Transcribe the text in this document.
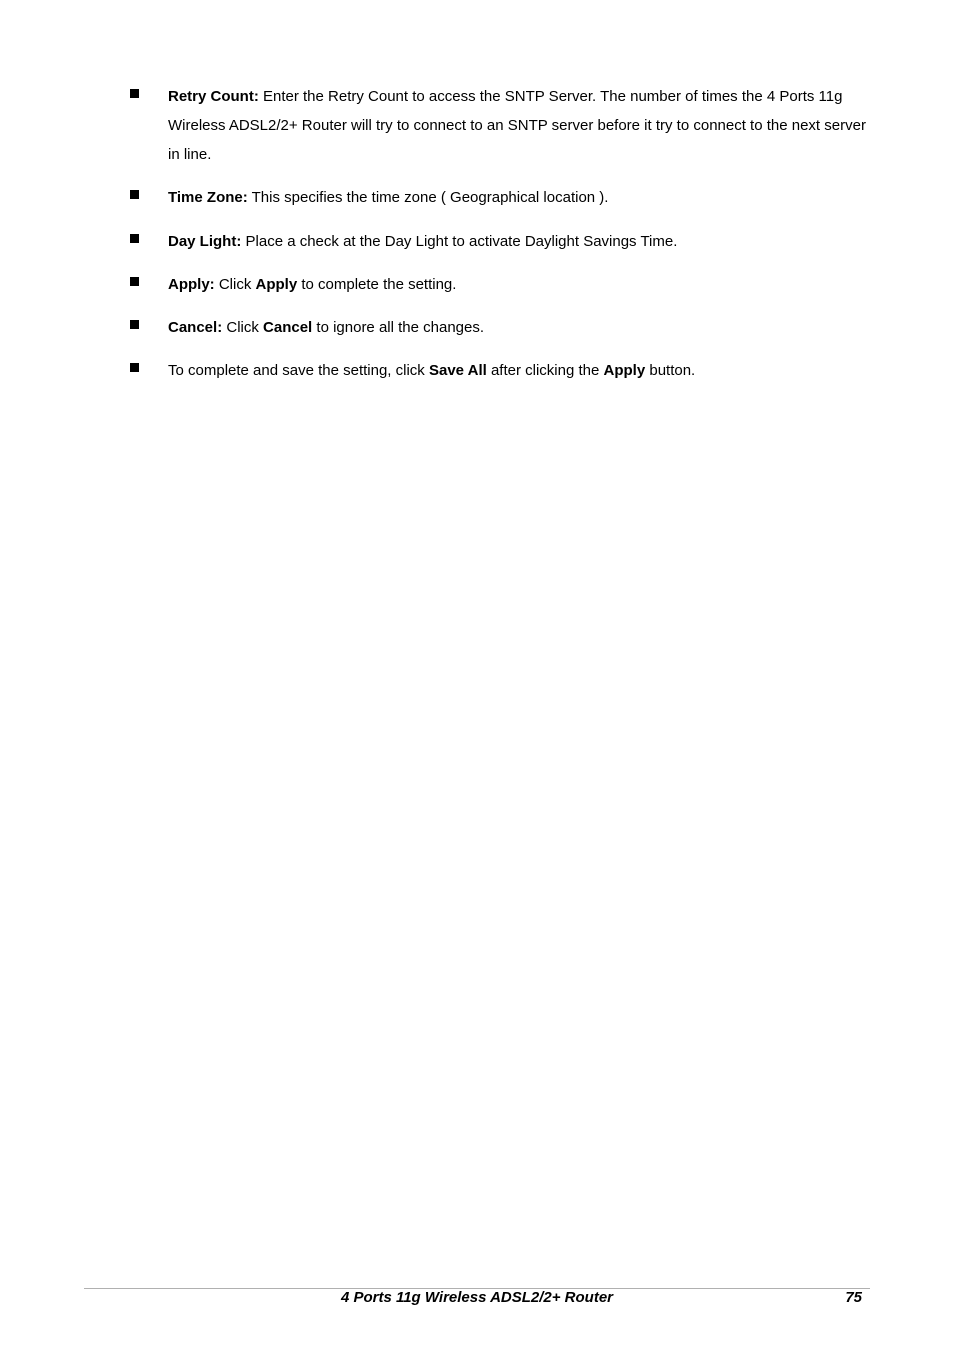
Retry Count: Enter the Retry Count to access the SNTP Server. The number of times the 4 Ports 11g Wireless ADSL2/2+ Router will try to connect to an SNTP server before it try to connect to the next server in line.
Time Zone: This specifies the time zone ( Geographical location ).
Day Light: Place a check at the Day Light to activate Daylight Savings Time.
Apply: Click Apply to complete the setting.
Cancel: Click Cancel to ignore all the changes.
To complete and save the setting, click Save All after clicking the Apply button.
4 Ports 11g Wireless ADSL2/2+ Router	75
